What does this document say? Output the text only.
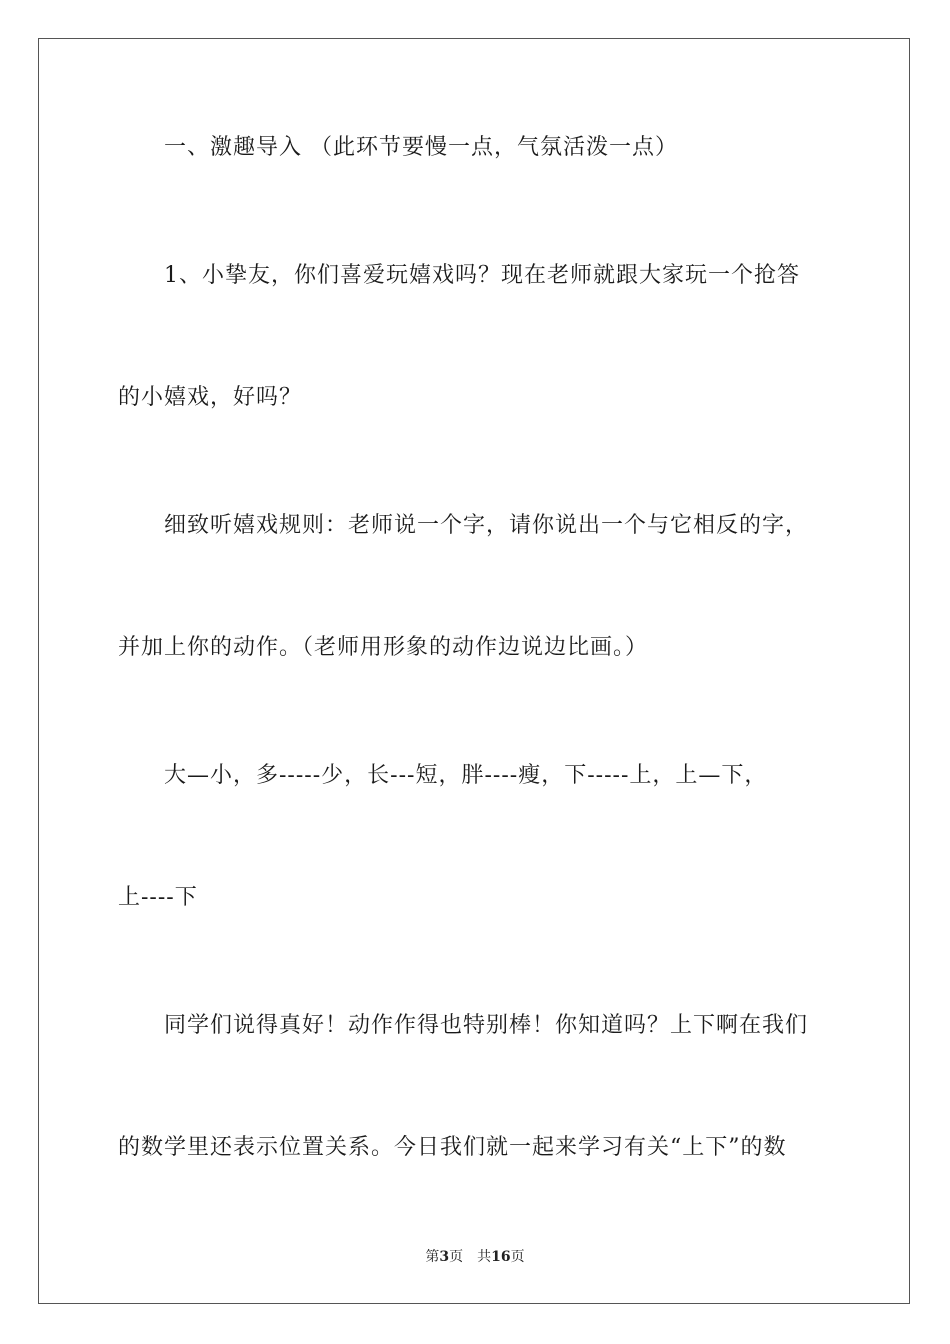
一、激趣导入 （此环节要慢一点，气氛活泼一点）
1、小挚友，你们喜爱玩嬉戏吗？现在老师就跟大家玩一个抢答
的小嬉戏，好吗？
细致听嬉戏规则：老师说一个字，请你说出一个与它相反的字，
并加上你的动作。（老师用形象的动作边说边比画。）
大—小，多-----少，长---短，胖----瘦，下-----上，上—下，
上----下
同学们说得真好！动作作得也特别棒！你知道吗？上下啊在我们
的数学里还表示位置关系。今日我们就一起来学习有关“上下”的数
第3页 共16页
